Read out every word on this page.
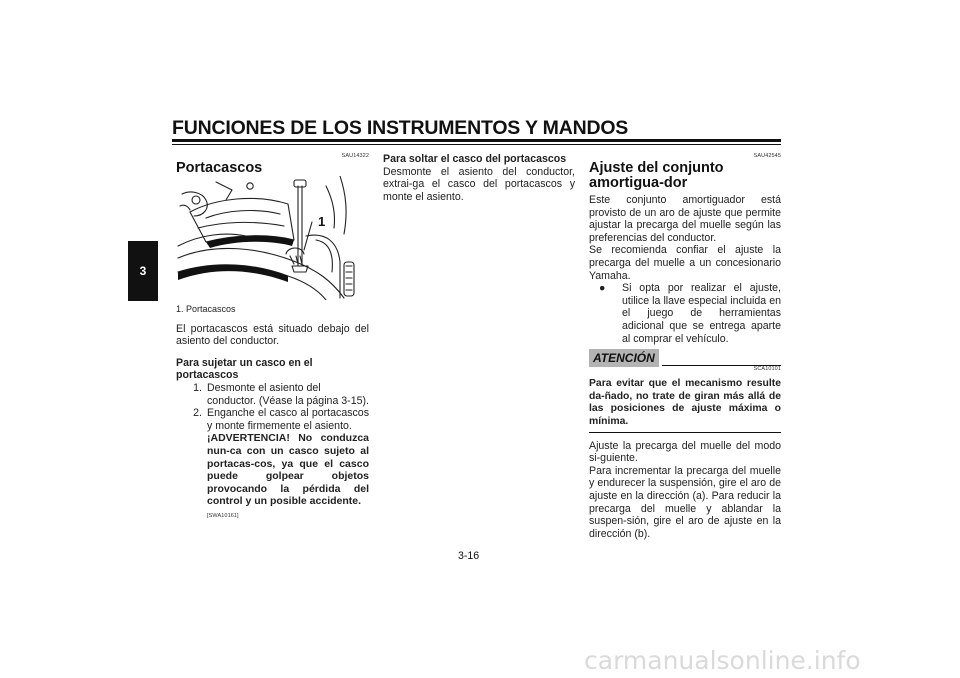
FUNCIONES DE LOS INSTRUMENTOS Y MANDOS
3
SAU14322
Portacascos
1
1. Portacascos

El portacascos está situado debajo del asiento del conductor.

Para sujetar un casco en el portacascos

1. Desmonte el asiento del conductor. (Véase la página 3-15).
2. Enganche el casco al portacascos y monte firmemente el asiento.
¡ADVERTENCIA! No conduzca nun-ca con un casco sujeto al portacas-cos, ya que el casco puede golpear objetos provocando la pérdida del control y un posible accidente.
[SWA10161]

Para soltar el casco del portacascos

Desmonte el asiento del conductor, extrai-ga el casco del portacascos y monte el asiento.

SAU42545
Ajuste del conjunto amortigua-dor

Este conjunto amortiguador está provisto de un aro de ajuste que permite ajustar la precarga del muelle según las preferencias del conductor.

Se recomienda confiar el ajuste la precarga del muelle a un concesionario Yamaha.

●	Si opta por realizar el ajuste, utilice la llave especial incluida en el juego de herramientas adicional que se entrega aparte al comprar el vehículo.
ATENCIÓN
SCA10101

Para evitar que el mecanismo resulte da-ñado, no trate de giran más allá de las posiciones de ajuste máxima o mínima.

Ajuste la precarga del muelle del modo si-guiente.

Para incrementar la precarga del muelle y endurecer la suspensión, gire el aro de ajuste en la dirección (a). Para reducir la precarga del muelle y ablandar la suspen-sión, gire el aro de ajuste en la dirección (b).

3-16
carmanualsonline.info
